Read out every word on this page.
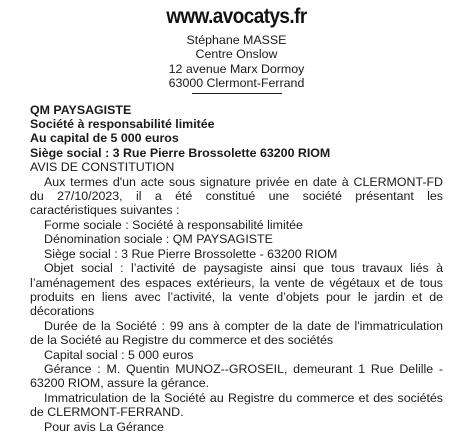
www.avocatys.fr
Stéphane MASSE
Centre Onslow
12 avenue Marx Dormoy
63000 Clermont-Ferrand
QM PAYSAGISTE
Société à responsabilité limitée
Au capital de 5 000 euros
Siège social : 3 Rue Pierre Brossolette 63200 RIOM
AVIS DE CONSTITUTION
Aux termes d'un acte sous signature privée en date à CLERMONT-FD du 27/10/2023, il a été constitué une société présentant les caractéristiques suivantes :
Forme sociale : Société à responsabilité limitée
Dénomination sociale : QM PAYSAGISTE
Siège social : 3 Rue Pierre Brossolette - 63200 RIOM
Objet social : l’activité de paysagiste ainsi que tous travaux liés à l’aménagement des espaces extérieurs, la vente de végétaux et de tous produits en liens avec l’activité, la vente d’objets pour le jardin et de décorations
Durée de la Société : 99 ans à compter de la date de l'immatriculation de la Société au Registre du commerce et des sociétés
Capital social : 5 000 euros
Gérance : M. Quentin MUNOZ--GROSEIL, demeurant 1 Rue Delille - 63200 RIOM, assure la gérance.
Immatriculation de la Société au Registre du commerce et des sociétés de CLERMONT-FERRAND.
Pour avis La Gérance
